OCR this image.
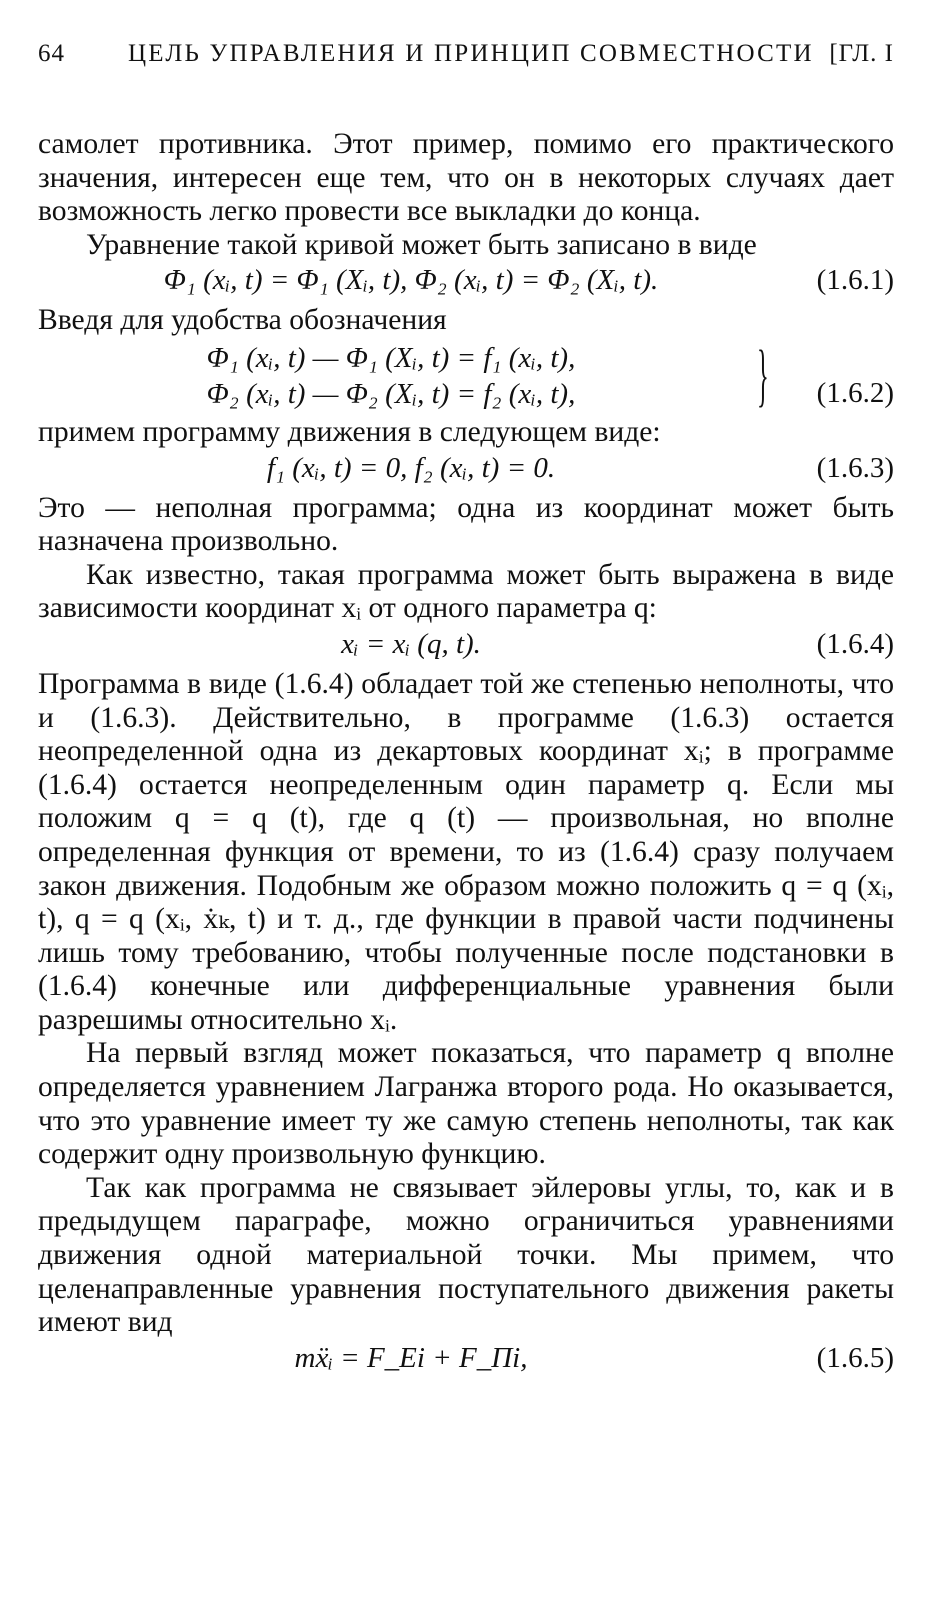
64	ЦЕЛЬ УПРАВЛЕНИЯ И ПРИНЦИП СОВМЕСТНОСТИ [ГЛ. I

самолет противника. Этот пример, помимо его практического значения, интересен еще тем, что он в некоторых случаях дает возможность легко провести все выкладки до конца.

Уравнение такой кривой может быть записано в виде

Φ₁ (xᵢ, t) = Φ₁ (Xᵢ, t), Φ₂ (xᵢ, t) = Φ₂ (Xᵢ, t).	(1.6.1)

Введя для удобства обозначения

Φ₁ (xᵢ, t) — Φ₁ (Xᵢ, t) = f₁ (xᵢ, t),
Φ₂ (xᵢ, t) — Φ₂ (Xᵢ, t) = f₂ (xᵢ, t),	}	(1.6.2)

примем программу движения в следующем виде:

f₁ (xᵢ, t) = 0, f₂ (xᵢ, t) = 0.	(1.6.3)

Это — неполная программа; одна из координат может быть назначена произвольно.

Как известно, такая программа может быть выражена в виде зависимости координат xᵢ от одного параметра q:

xᵢ = xᵢ (q, t).	(1.6.4)

Программа в виде (1.6.4) обладает той же степенью неполноты, что и (1.6.3). Действительно, в программе (1.6.3) остается неопределенной одна из декартовых координат xᵢ; в программе (1.6.4) остается неопределенным один параметр q. Если мы положим q = q (t), где q (t) — произвольная, но вполне определенная функция от времени, то из (1.6.4) сразу получаем закон движения. Подобным же образом можно положить q = q (xᵢ, t), q = q (xᵢ, ẋₖ, t) и т. д., где функции в правой части подчинены лишь тому требованию, чтобы полученные после подстановки в (1.6.4) конечные или дифференциальные уравнения были разрешимы относительно xᵢ.

На первый взгляд может показаться, что параметр q вполне определяется уравнением Лагранжа второго рода. Но оказывается, что это уравнение имеет ту же самую степень неполноты, так как содержит одну произвольную функцию.

Так как программа не связывает эйлеровы углы, то, как и в предыдущем параграфе, можно ограничиться уравнениями движения одной материальной точки. Мы примем, что целенаправленные уравнения поступательного движения ракеты имеют вид

mẍᵢ = F_Ei + F_Пi,	(1.6.5)
